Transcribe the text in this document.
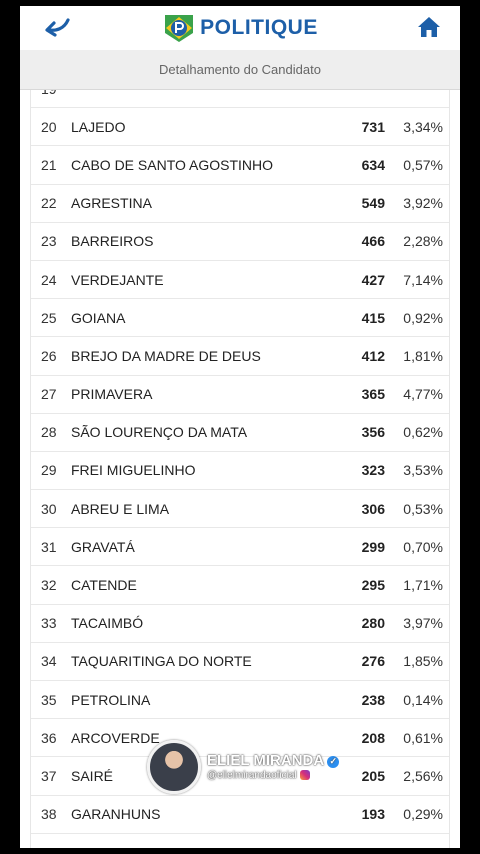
POLITIQUE
Detalhamento do Candidato
20	LAJEDO	731	3,34%
21	CABO DE SANTO AGOSTINHO	634	0,57%
22	AGRESTINA	549	3,92%
23	BARREIROS	466	2,28%
24	VERDEJANTE	427	7,14%
25	GOIANA	415	0,92%
26	BREJO DA MADRE DE DEUS	412	1,81%
27	PRIMAVERA	365	4,77%
28	SÃO LOURENÇO DA MATA	356	0,62%
29	FREI MIGUELINHO	323	3,53%
30	ABREU E LIMA	306	0,53%
31	GRAVATÁ	299	0,70%
32	CATENDE	295	1,71%
33	TACAIMBÓ	280	3,97%
34	TAQUARITINGA DO NORTE	276	1,85%
35	PETROLINA	238	0,14%
36	ARCOVERDE	208	0,61%
37	SAIRÉ	205	2,56%
38	GARANHUNS	193	0,29%
ELIEL MIRANDA ✓
@elielmirandaoficial
